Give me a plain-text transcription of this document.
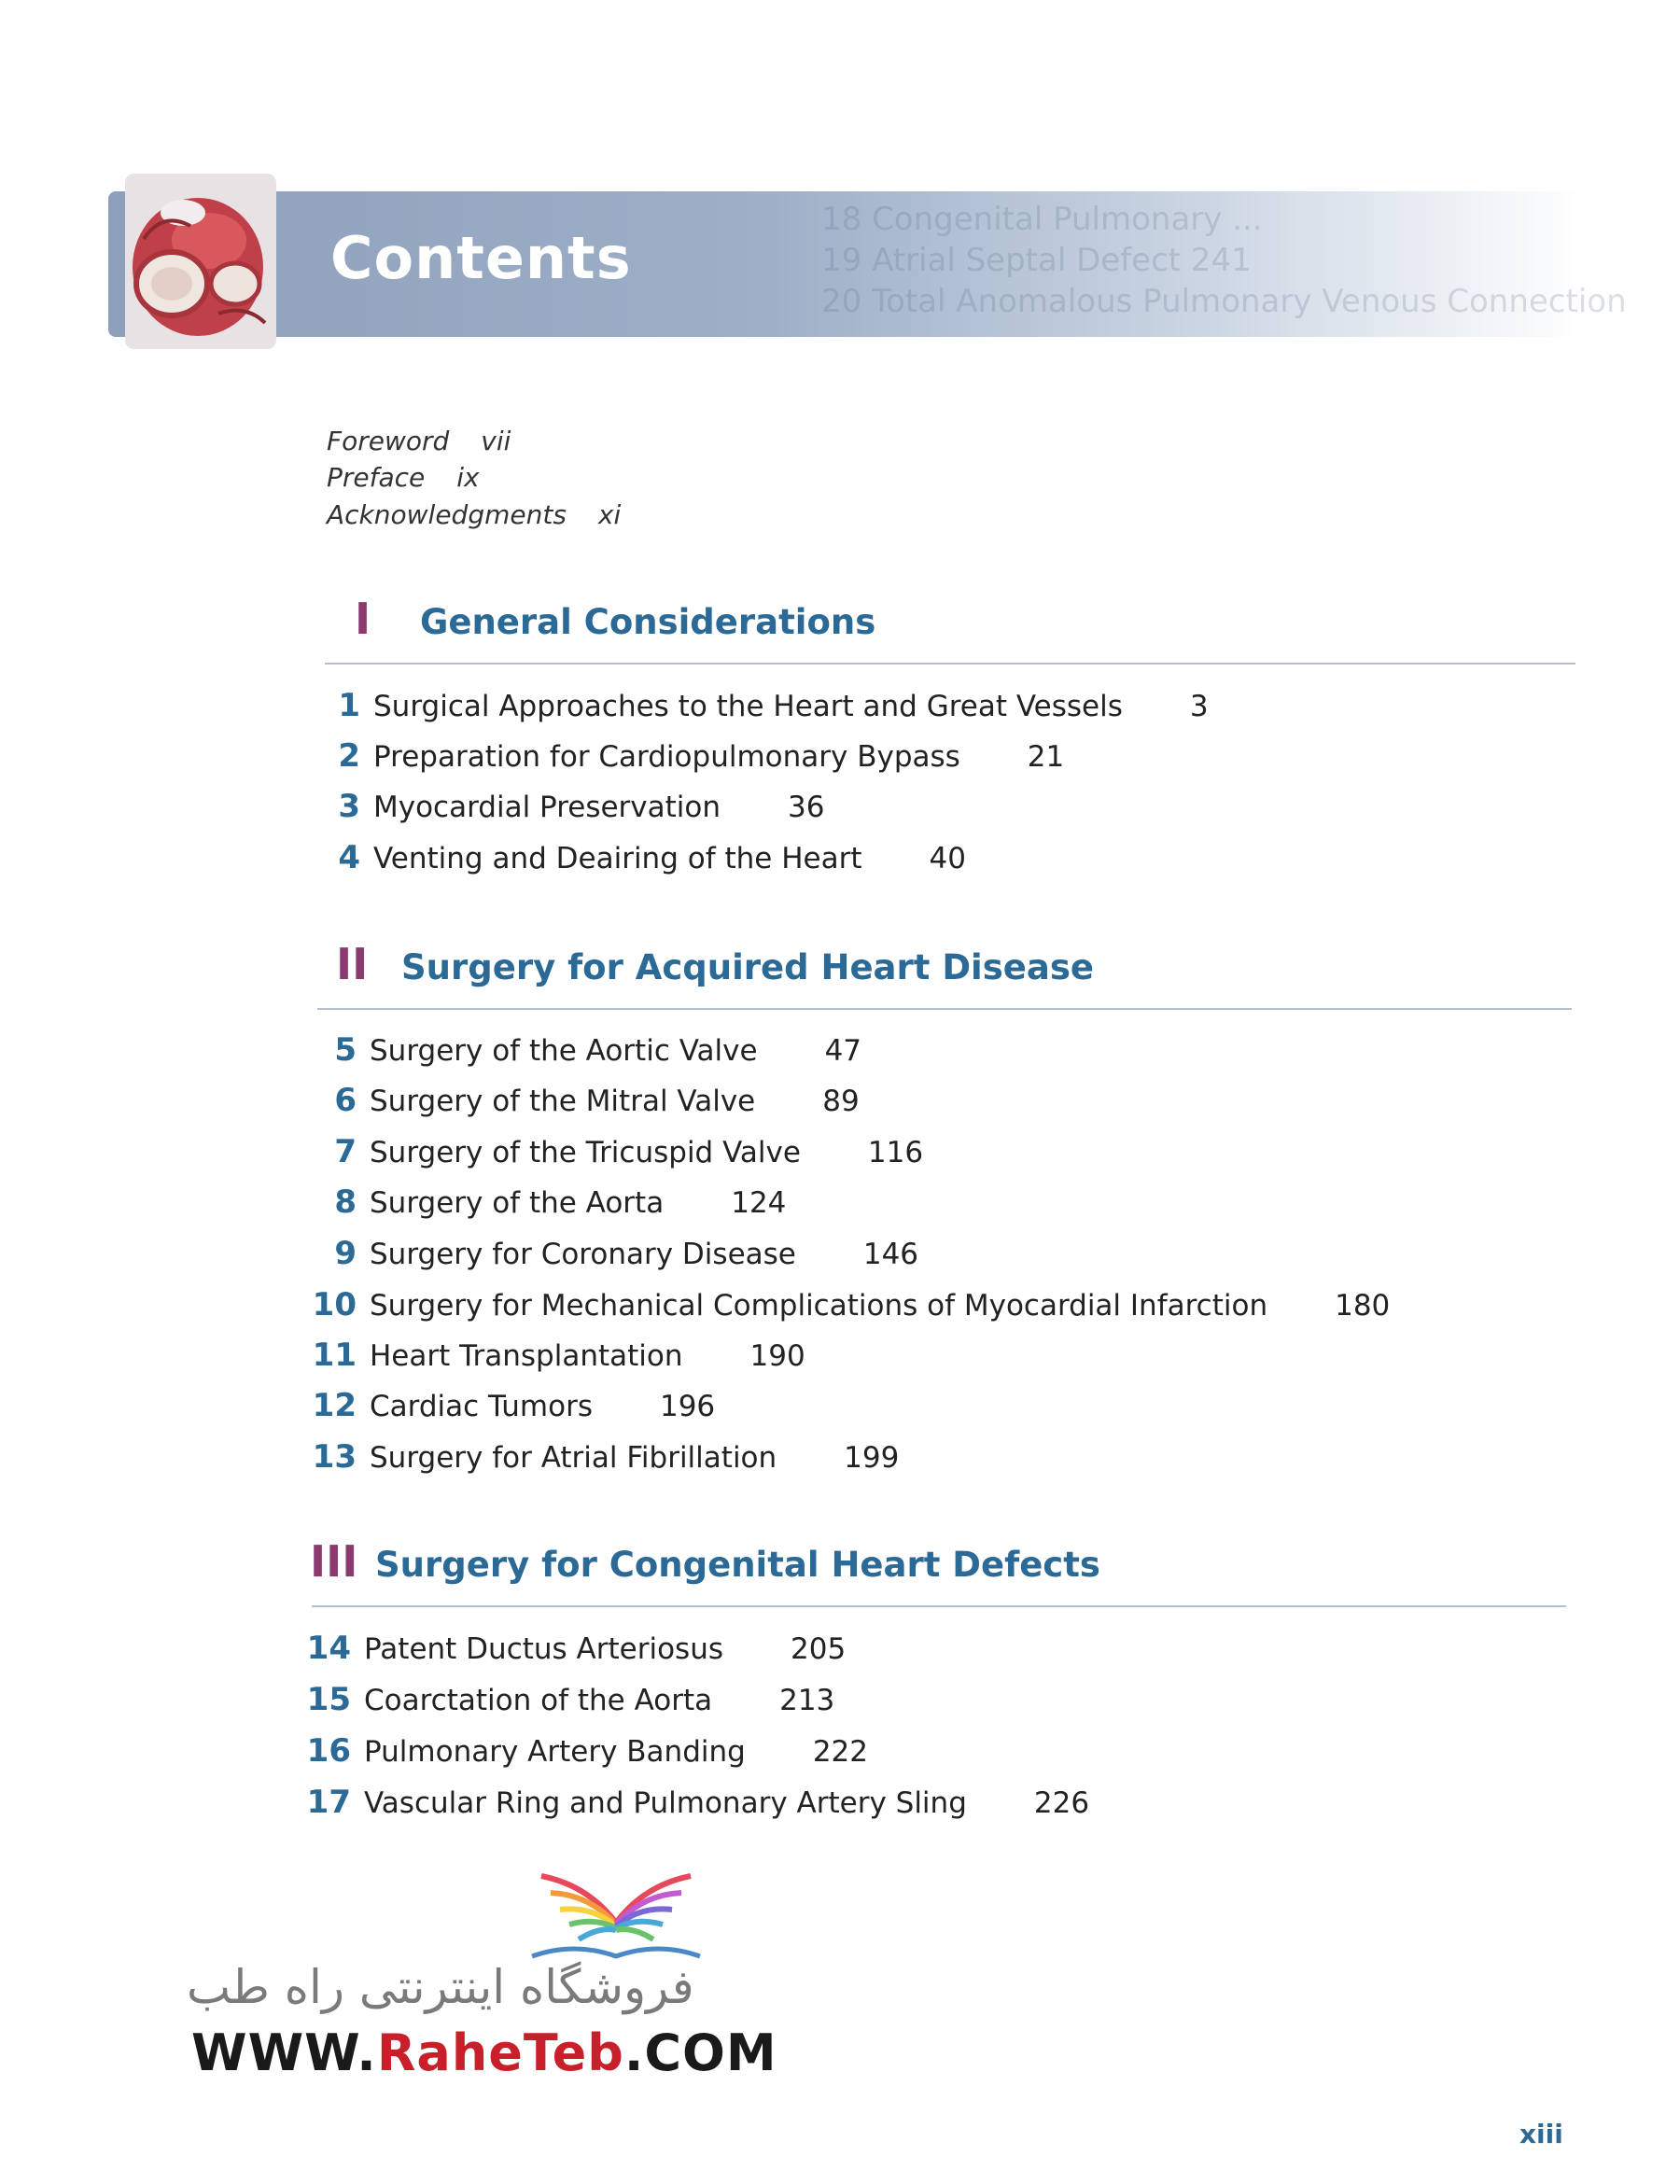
18 Congenital Pulmonary ...
19 Atrial Septal Defect 241
20 Total Anomalous Pulmonary Venous Connection
Contents
Foreword vii
Preface ix
Acknowledgments xi
I	General Considerations
1 Surgical Approaches to the Heart and Great Vessels 3
2 Preparation for Cardiopulmonary Bypass 21
3 Myocardial Preservation 36
4 Venting and Deairing of the Heart 40
II Surgery for Acquired Heart Disease
5 Surgery of the Aortic Valve 47
6 Surgery of the Mitral Valve 89
7 Surgery of the Tricuspid Valve 116
8 Surgery of the Aorta 124
9 Surgery for Coronary Disease 146
10 Surgery for Mechanical Complications of Myocardial Infarction 180
11 Heart Transplantation 190
12 Cardiac Tumors 196
13 Surgery for Atrial Fibrillation 199
III Surgery for Congenital Heart Defects
14 Patent Ductus Arteriosus 205
15 Coarctation of the Aorta 213
16 Pulmonary Artery Banding 222
17 Vascular Ring and Pulmonary Artery Sling 226
فروشگاه اینترنتی راه طب
WWW.RaheTeb.COM
xiii
